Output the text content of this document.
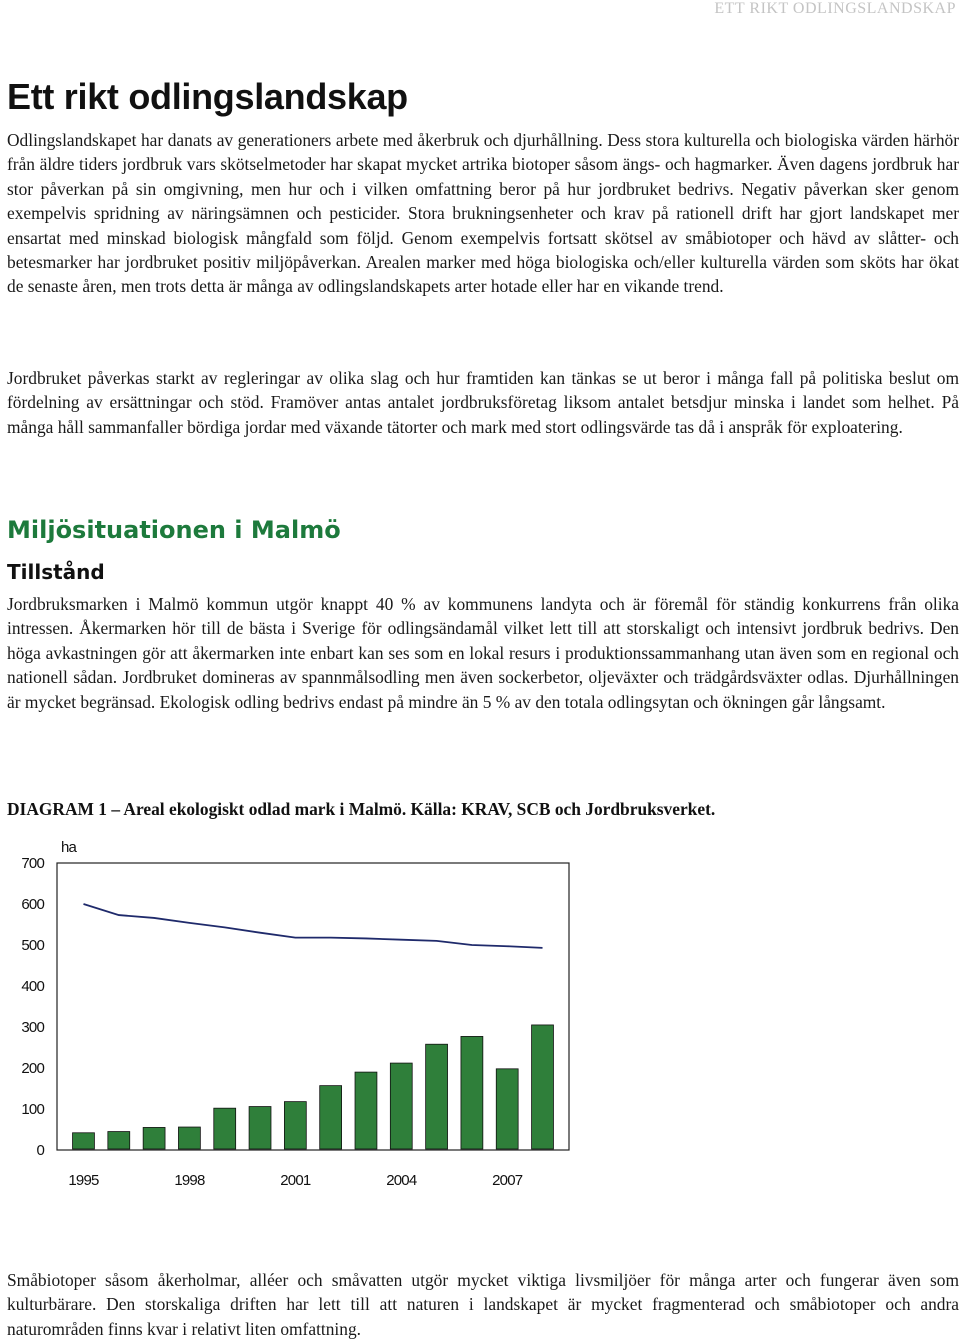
ETT RIKT ODLINGSLANDSKAP
Ett rikt odlingslandskap

Odlingslandskapet har danats av generationers arbete med åkerbruk och djurhållning. Dess stora kulturella och biologiska värden härhör från äldre tiders jordbruk vars skötselmetoder har skapat mycket artrika biotoper såsom ängs- och hagmarker. Även dagens jordbruk har stor påverkan på sin omgivning, men hur och i vilken omfattning beror på hur jordbruket bedrivs. Negativ påverkan sker genom exempelvis spridning av näringsämnen och pesticider. Stora brukningsenheter och krav på rationell drift har gjort landskapet mer ensartat med minskad biologisk mångfald som följd. Genom exempelvis fortsatt skötsel av småbiotoper och hävd av slåtter- och betesmarker har jordbruket positiv miljöpåverkan. Arealen marker med höga biologiska och/eller kulturella värden som sköts har ökat de senaste åren, men trots detta är många av odlingslandskapets arter hotade eller har en vikande trend.

Jordbruket påverkas starkt av regleringar av olika slag och hur framtiden kan tänkas se ut beror i många fall på politiska beslut om fördelning av ersättningar och stöd. Framöver antas antalet jordbruksföretag liksom antalet betsdjur minska i landet som helhet. På många håll sammanfaller bördiga jordar med växande tätorter och mark med stort odlingsvärde tas då i anspråk för exploatering.

Miljösituationen i Malmö
Tillstånd

Jordbruksmarken i Malmö kommun utgör knappt 40 % av kommunens landyta och är föremål för ständig konkurrens från olika intressen. Åkermarken hör till de bästa i Sverige för odlingsändamål vilket lett till att storskaligt och intensivt jordbruk bedrivs. Den höga avkastningen gör att åkermarken inte enbart kan ses som en lokal resurs i produktionssammanhang utan även som en regional och nationell sådan. Jordbruket domineras av spannmålsodling men även sockerbetor, oljeväxter och trädgårdsväxter odlas. Djurhållningen är mycket begränsad. Ekologisk odling bedrivs endast på mindre än 5 % av den totala odlingsytan och ökningen går långsamt.

DIAGRAM 1 – Areal ekologiskt odlad mark i Malmö. Källa: KRAV, SCB och Jordbruksverket.

ha
0
100
200
300
400
500
600
700
1995	1998	2001	2004	2007

Småbiotoper såsom åkerholmar, alléer och småvatten utgör mycket viktiga livsmiljöer för många arter och fungerar även som kulturbärare. Den storskaliga driften har lett till att naturen i landskapet är mycket fragmenterad och småbiotoper och andra naturområden finns kvar i relativt liten omfattning.
